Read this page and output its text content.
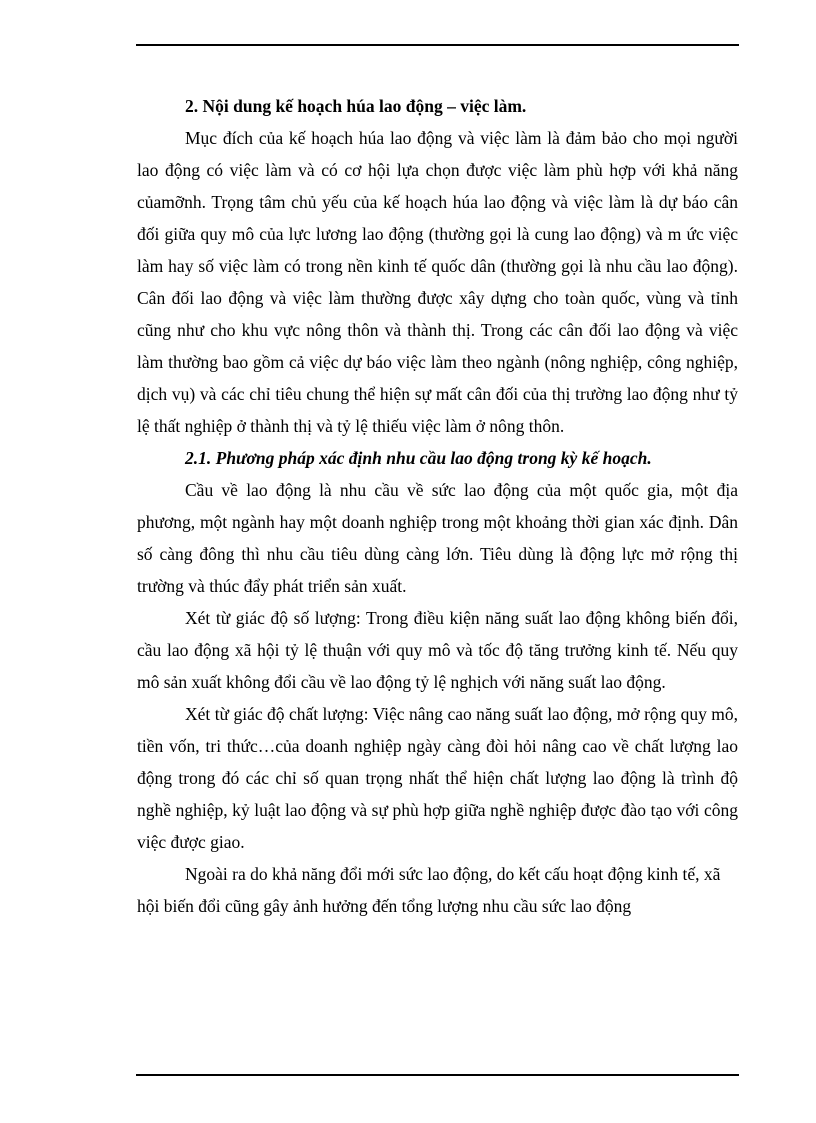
2. Nội dung kế hoạch húa lao động – việc làm.

Mục đích của kế hoạch húa lao động và việc làm là đảm bảo cho mọi người lao động có việc làm và có cơ hội lựa chọn được việc làm phù hợp với khả năng củamỡnh. Trọng tâm chủ yếu của kế hoạch húa lao động và việc làm là dự báo cân đối giữa quy mô của lực lương lao động (thường gọi là cung lao động) và m ức việc làm hay số việc làm có trong nền kinh tế quốc dân (thường gọi là nhu cầu lao động). Cân đối lao động và việc làm thường được xây dựng cho toàn quốc, vùng và tỉnh cũng như cho khu vực nông thôn và thành thị. Trong các cân đối lao động và việc làm thường bao gồm cả việc dự báo việc làm theo ngành (nông nghiệp, công nghiệp, dịch vụ) và các chỉ tiêu chung thể hiện sự mất cân đối của thị trường lao động như tỷ lệ thất nghiệp ở thành thị và tỷ lệ thiếu việc làm ở nông thôn.

2.1. Phương pháp xác định nhu cầu lao động trong kỳ kế hoạch.

Cầu về lao động là nhu cầu về sức lao động của một quốc gia, một địa phương, một ngành hay một doanh nghiệp trong một khoảng thời gian xác định. Dân số càng đông thì nhu cầu tiêu dùng càng lớn. Tiêu dùng là động lực mở rộng thị trường và thúc đẩy phát triển sản xuất.

Xét từ giác độ số lượng: Trong điều kiện năng suất lao động không biến đổi, cầu lao động xã hội tỷ lệ thuận với quy mô và tốc độ tăng trưởng kinh tế. Nếu quy mô sản xuất không đổi cầu về lao động tỷ lệ nghịch với năng suất lao động.

Xét từ giác độ chất lượng: Việc nâng cao năng suất lao động, mở rộng quy mô, tiền vốn, tri thức…của doanh nghiệp ngày càng đòi hỏi nâng cao về chất lượng lao động trong đó các chỉ số quan trọng nhất thể hiện chất lượng lao động là trình độ nghề nghiệp, kỷ luật lao động và sự phù hợp giữa nghề nghiệp được đào tạo với công việc được giao.

Ngoài ra do khả năng đổi mới sức lao động, do kết cấu hoạt động kinh tế, xã hội biến đổi cũng gây ảnh hưởng đến tổng lượng nhu cầu sức lao động
